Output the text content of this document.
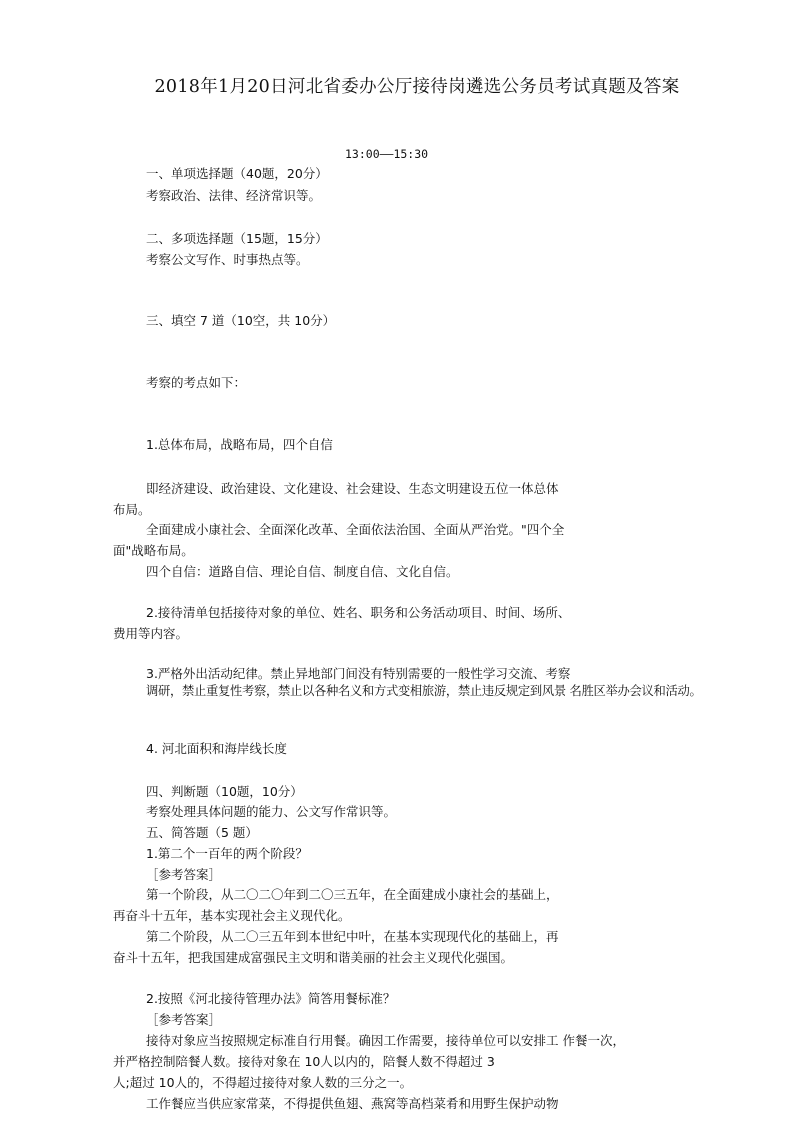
2018年1月20日河北省委办公厅接待岗遴选公务员考试真题及答案
13:00——15:30

一、单项选择题（40题，20分）

考察政治、法律、经济常识等。

二、多项选择题（15题，15分）

考察公文写作、时事热点等。

三、填空 7 道（10空，共 10分）

考察的考点如下：

1.总体布局，战略布局，四个自信

即经济建设、政治建设、文化建设、社会建设、生态文明建设五位一体总体

布局。

全面建成小康社会、全面深化改革、全面依法治国、全面从严治党。"四个全

面"战略布局。

四个自信：道路自信、理论自信、制度自信、文化自信。

2.接待清单包括接待对象的单位、姓名、职务和公务活动项目、时间、场所、

费用等内容。

3.严格外出活动纪律。禁止异地部门间没有特别需要的一般性学习交流、考察

调研，禁止重复性考察，禁止以各种名义和方式变相旅游，禁止违反规定到风景 名胜区举办会议和活动。

4. 河北面积和海岸线长度

四、判断题（10题，10分）

考察处理具体问题的能力、公文写作常识等。

五、简答题（5 题）

1.第二个一百年的两个阶段？

［参考答案］

第一个阶段，从二〇二〇年到二〇三五年，在全面建成小康社会的基础上，

再奋斗十五年，基本实现社会主义现代化。

第二个阶段，从二〇三五年到本世纪中叶，在基本实现现代化的基础上，再

奋斗十五年，把我国建成富强民主文明和谐美丽的社会主义现代化强国。

2.按照《河北接待管理办法》简答用餐标准？

［参考答案］

接待对象应当按照规定标准自行用餐。确因工作需要，接待单位可以安排工 作餐一次，

并严格控制陪餐人数。接待对象在 10人以内的，陪餐人数不得超过 3

人;超过 10人的，不得超过接待对象人数的三分之一。

工作餐应当供应家常菜，不得提供鱼翅、燕窝等高档菜肴和用野生保护动物
